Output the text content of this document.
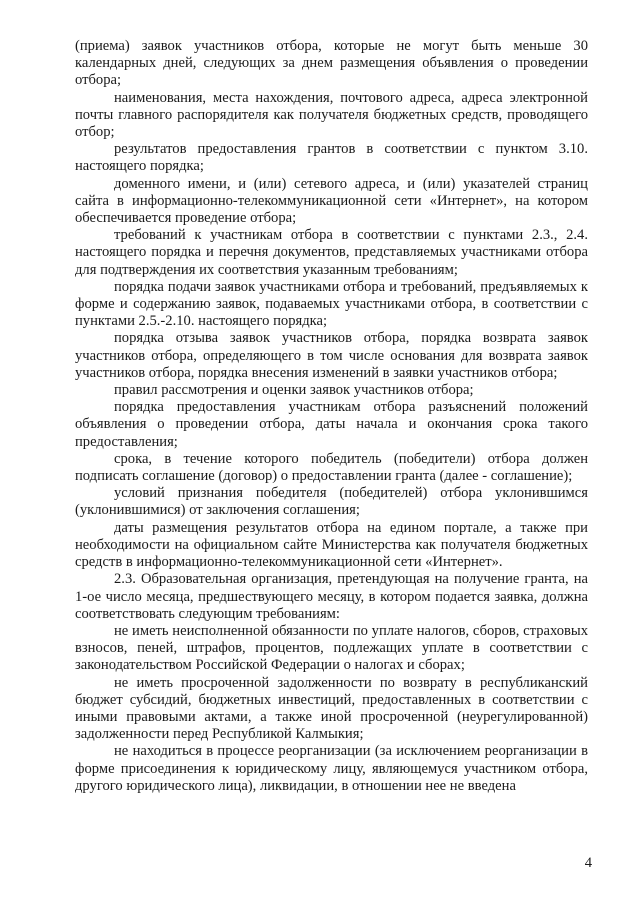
(приема) заявок участников отбора, которые не могут быть меньше 30 календарных дней, следующих за днем размещения объявления о проведении отбора;

наименования, места нахождения, почтового адреса, адреса электронной почты главного распорядителя как получателя бюджетных средств, проводящего отбор;

результатов предоставления грантов в соответствии с пунктом 3.10. настоящего порядка;

доменного имени, и (или) сетевого адреса, и (или) указателей страниц сайта в информационно-телекоммуникационной сети «Интернет», на котором обеспечивается проведение отбора;

требований к участникам отбора в соответствии с пунктами 2.3., 2.4. настоящего порядка и перечня документов, представляемых участниками отбора для подтверждения их соответствия указанным требованиям;

порядка подачи заявок участниками отбора и требований, предъявляемых к форме и содержанию заявок, подаваемых участниками отбора, в соответствии с пунктами 2.5.-2.10. настоящего порядка;

порядка отзыва заявок участников отбора, порядка возврата заявок участников отбора, определяющего в том числе основания для возврата заявок участников отбора, порядка внесения изменений в заявки участников отбора;

правил рассмотрения и оценки заявок участников отбора;

порядка предоставления участникам отбора разъяснений положений объявления о проведении отбора, даты начала и окончания срока такого предоставления;

срока, в течение которого победитель (победители) отбора должен подписать соглашение (договор) о предоставлении гранта (далее - соглашение);

условий признания победителя (победителей) отбора уклонившимся (уклонившимися) от заключения соглашения;

даты размещения результатов отбора на едином портале, а также при необходимости на официальном сайте Министерства как получателя бюджетных средств в информационно-телекоммуникационной сети «Интернет».

2.3. Образовательная организация, претендующая на получение гранта, на 1-ое число месяца, предшествующего месяцу, в котором подается заявка, должна соответствовать следующим требованиям:

не иметь неисполненной обязанности по уплате налогов, сборов, страховых взносов, пеней, штрафов, процентов, подлежащих уплате в соответствии с законодательством Российской Федерации о налогах и сборах;

не иметь просроченной задолженности по возврату в республиканский бюджет субсидий, бюджетных инвестиций, предоставленных в соответствии с иными правовыми актами, а также иной просроченной (неурегулированной) задолженности перед Республикой Калмыкия;

не находиться в процессе реорганизации (за исключением реорганизации в форме присоединения к юридическому лицу, являющемуся участником отбора, другого юридического лица), ликвидации, в отношении нее не введена

4
